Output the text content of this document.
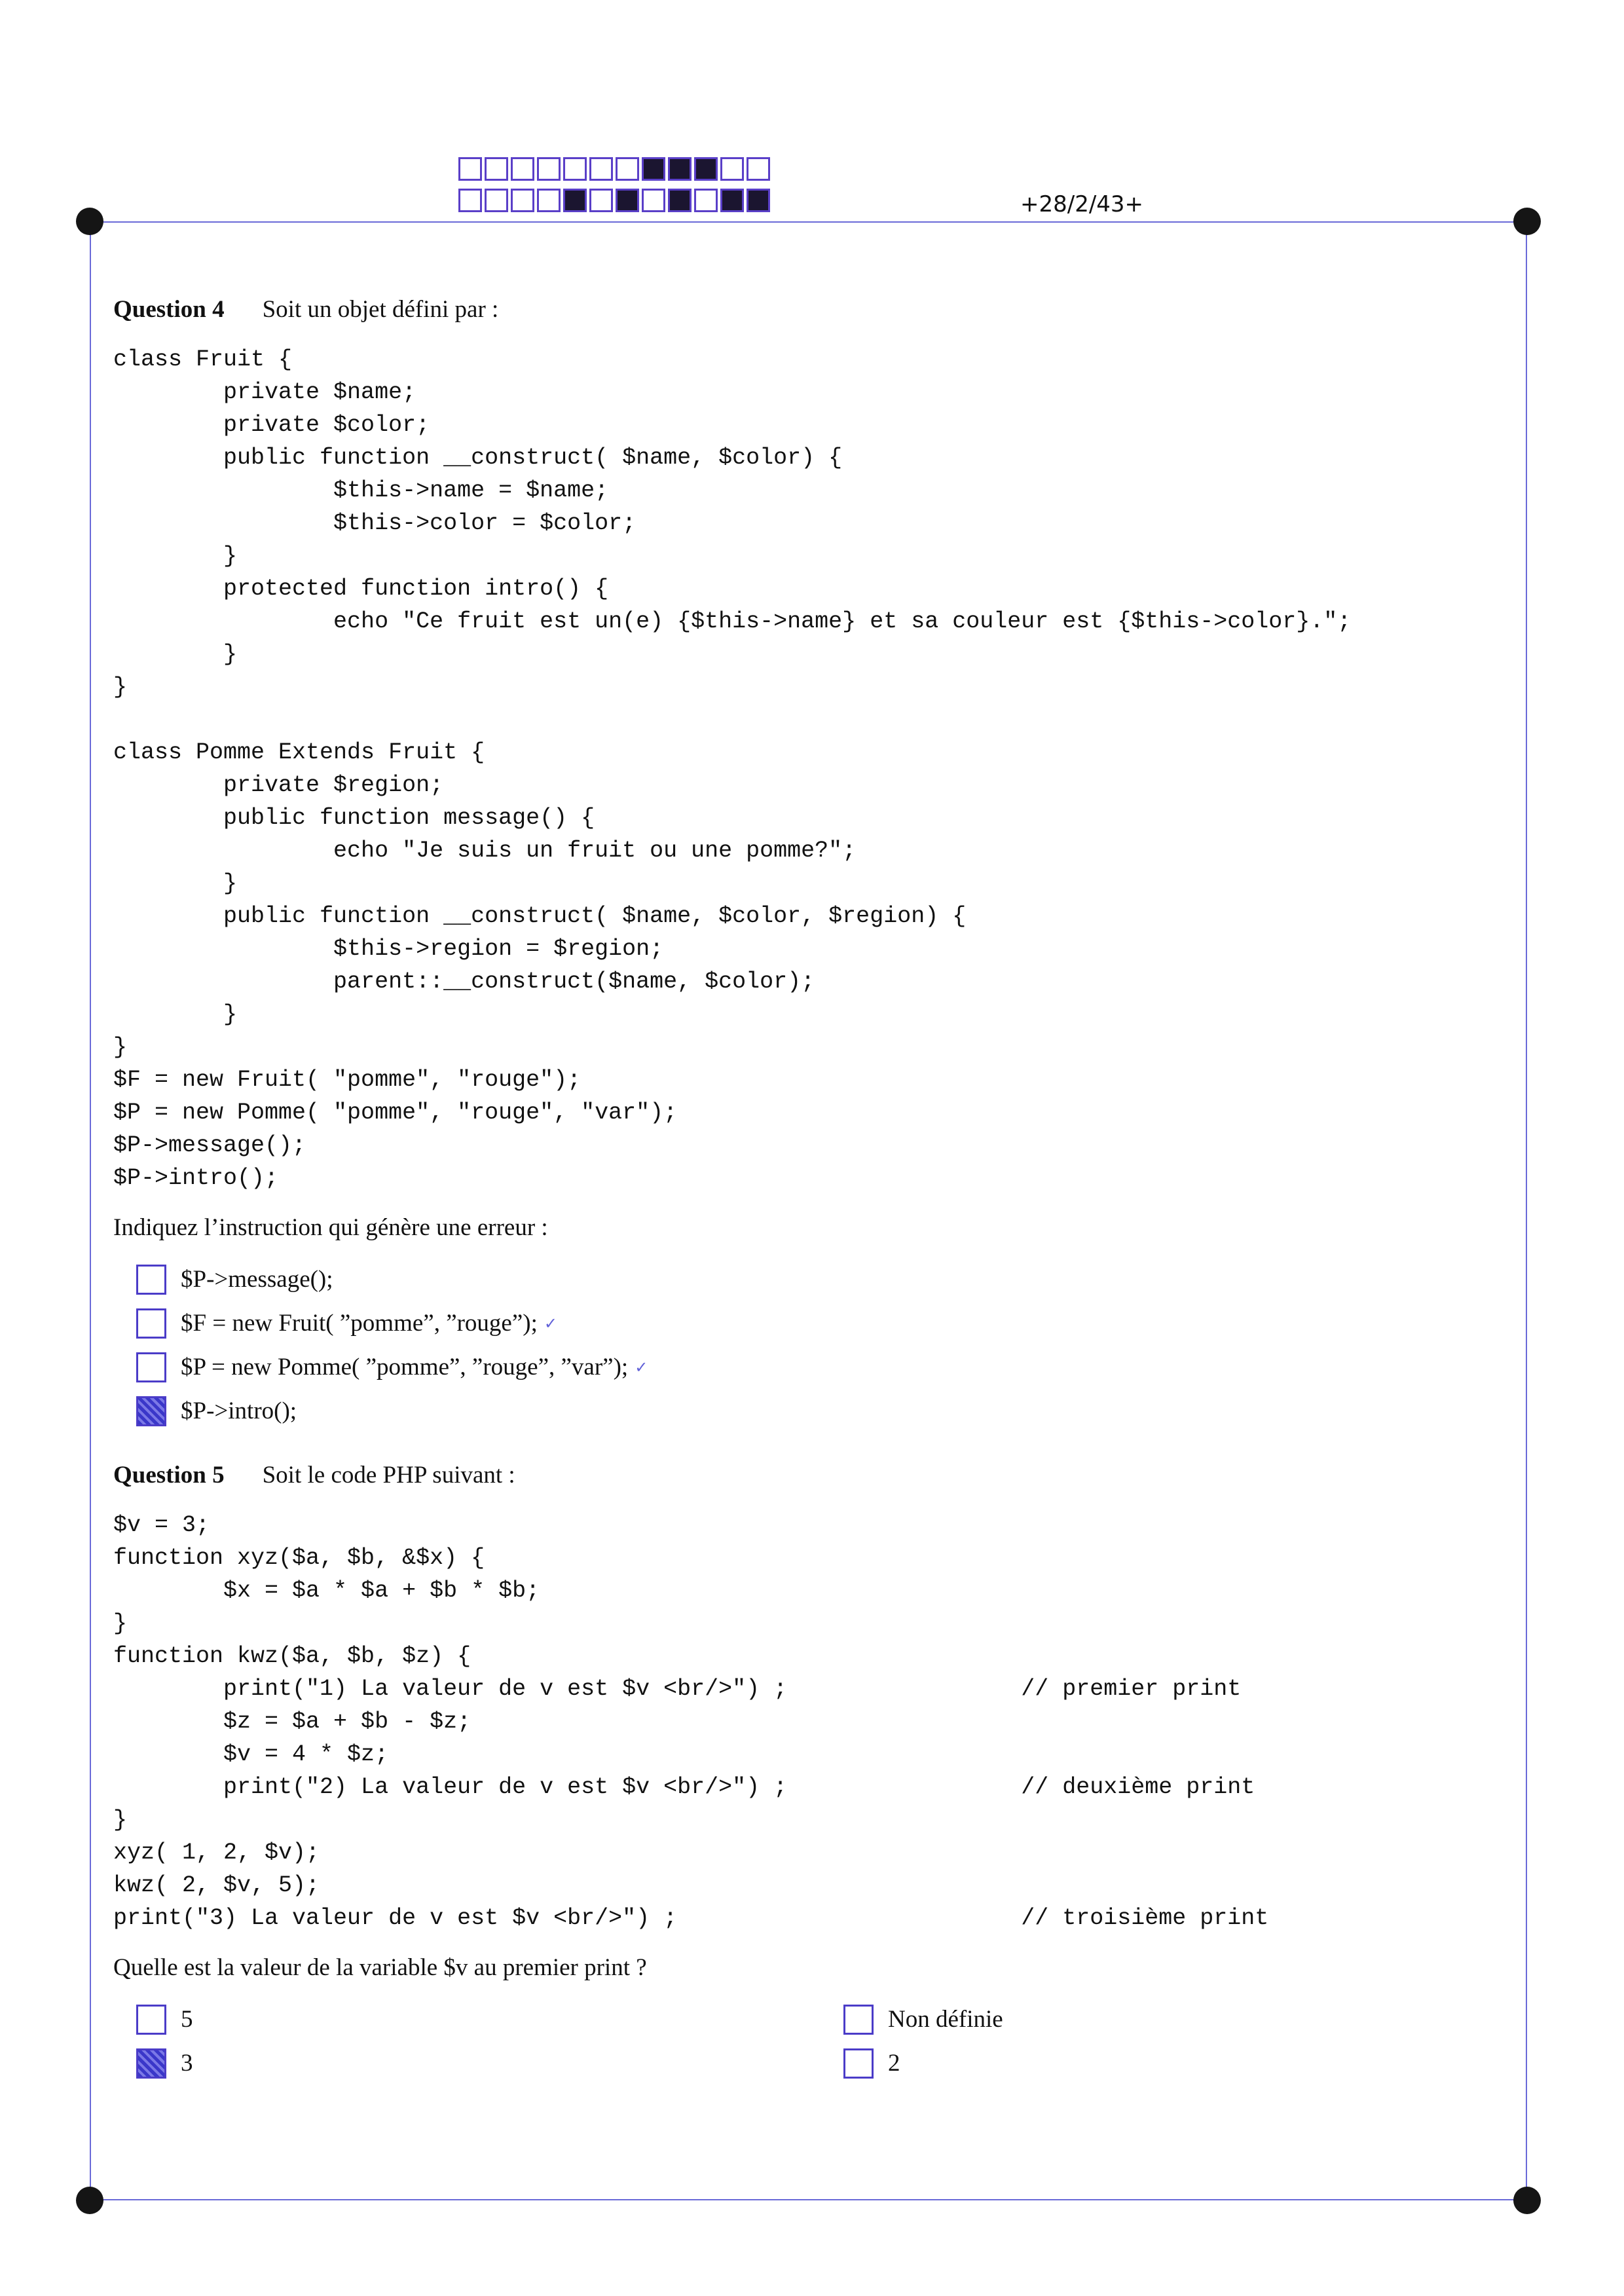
+28/2/43+
Question 4 Soit un objet défini par :
class Fruit {
private $name;
private $color;
public function __construct( $name, $color) {
$this->name = $name;
$this->color = $color;
}
protected function intro() {
echo "Ce fruit est un(e) {$this->name} et sa couleur est {$this->color}.";
}
}

class Pomme Extends Fruit {
private $region;
public function message() {
echo "Je suis un fruit ou une pomme?";
}
public function __construct( $name, $color, $region) {
$this->region = $region;
parent::__construct($name, $color);
}
}
$F = new Fruit( "pomme", "rouge");
$P = new Pomme( "pomme", "rouge", "var");
$P->message();
$P->intro();
Indiquez l’instruction qui génère une erreur :
$P->message();
$F = new Fruit( ”pomme”, ”rouge”); ✓
$P = new Pomme( ”pomme”, ”rouge”, ”var”); ✓
$P->intro();
Question 5 Soit le code PHP suivant :
$v = 3;
function xyz($a, $b, &$x) {
$x = $a * $a + $b * $b;
}
function kwz($a, $b, $z) {
print("1) La valeur de v est $v <br/>") ;                 // premier print
$z = $a + $b - $z;
$v = 4 * $z;
print("2) La valeur de v est $v <br/>") ;                 // deuxième print
}
xyz( 1, 2, $v);
kwz( 2, $v, 5);
print("3) La valeur de v est $v <br/>") ;                         // troisième print
Quelle est la valeur de la variable $v au premier print ?
5	Non définie
3	2
